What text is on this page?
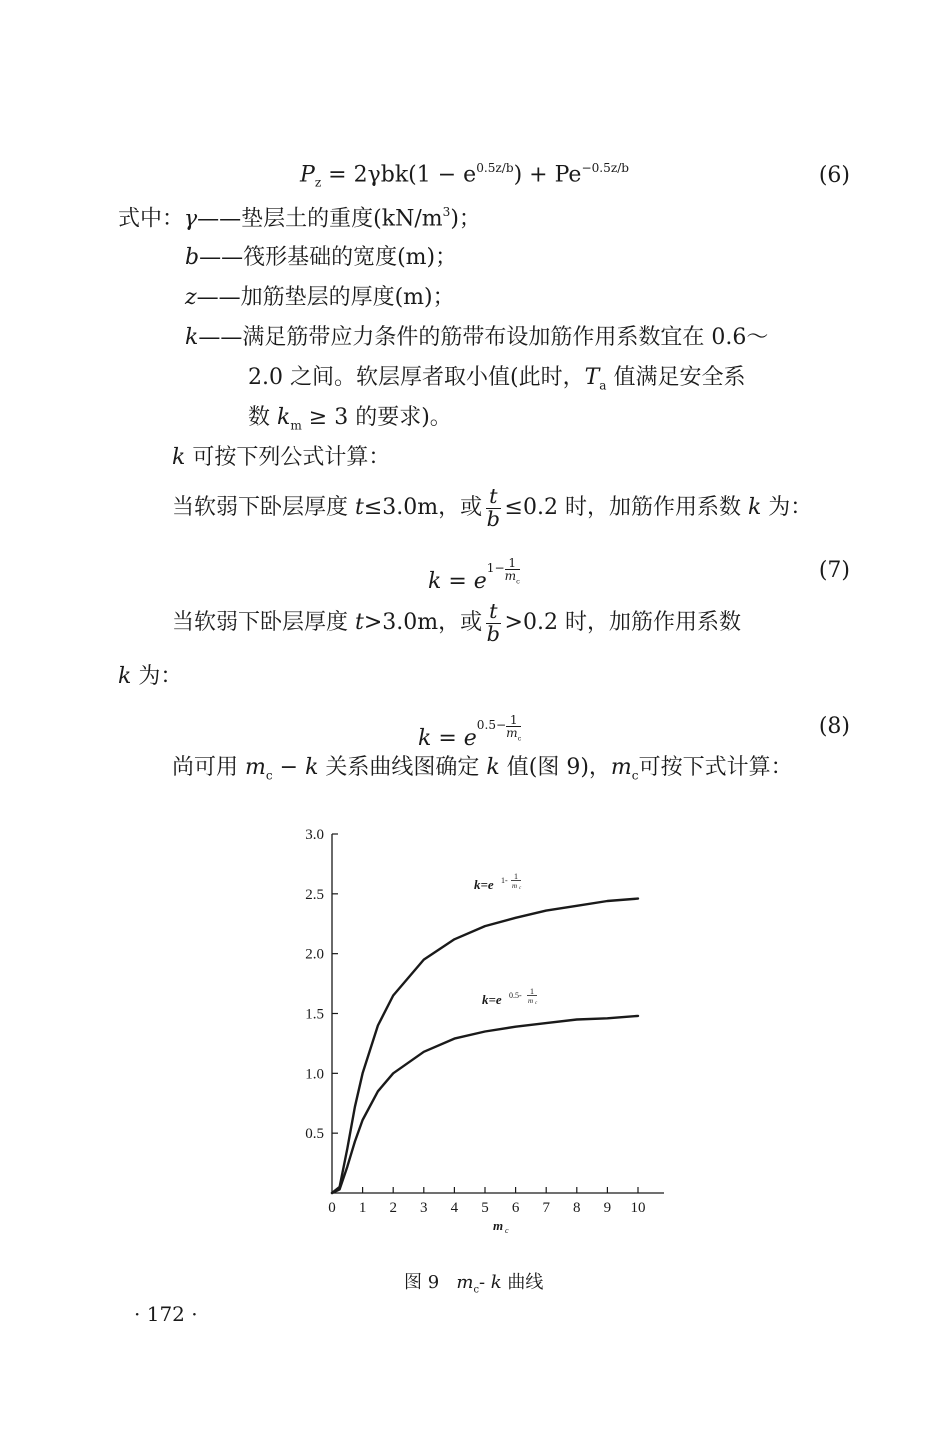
$P_z = 2\gamma bk(1 - e^{0.5z/b}) + Pe^{-0.5z/b}$	(6)
式中：γ——垫层土的重度$(kN/m^3)$；
b——筏形基础的宽度(m)；
z——加筋垫层的厚度(m)；
k——满足筋带应力条件的筋带布设加筋作用系数宜在 0.6～
2.0 之间。软层厚者取小值(此时，$T_a$ 值满足安全系
数 $k_m \ge 3$ 的要求)。
k 可按下列公式计算：
当软弱下卧层厚度 t≤3.0m，或 $\frac{t}{b} \le 0.2$ 时，加筋作用系数 k 为：
$k = e1- \frac{1}{m_c}$	(7)
当软弱下卧层厚度 t>3.0m，或 $\frac{t}{b} >0.2$ 时，加筋作用系数
k 为：
$k = e0.5- \frac{1}{m_c}$	(8)
尚可用 $m_c - k$ 关系曲线图确定 k 值(图 9)，$m_c$可按下式计算：
0.5
1.0
1.5
2.0
2.5
3.0
0 1 2 3 4 5 6 7 8 9 10
m c
k=e 1- 1
m c
k=e 0.5- 1
m c
图 9 $m_c-$ k 曲线
· 172 ·
